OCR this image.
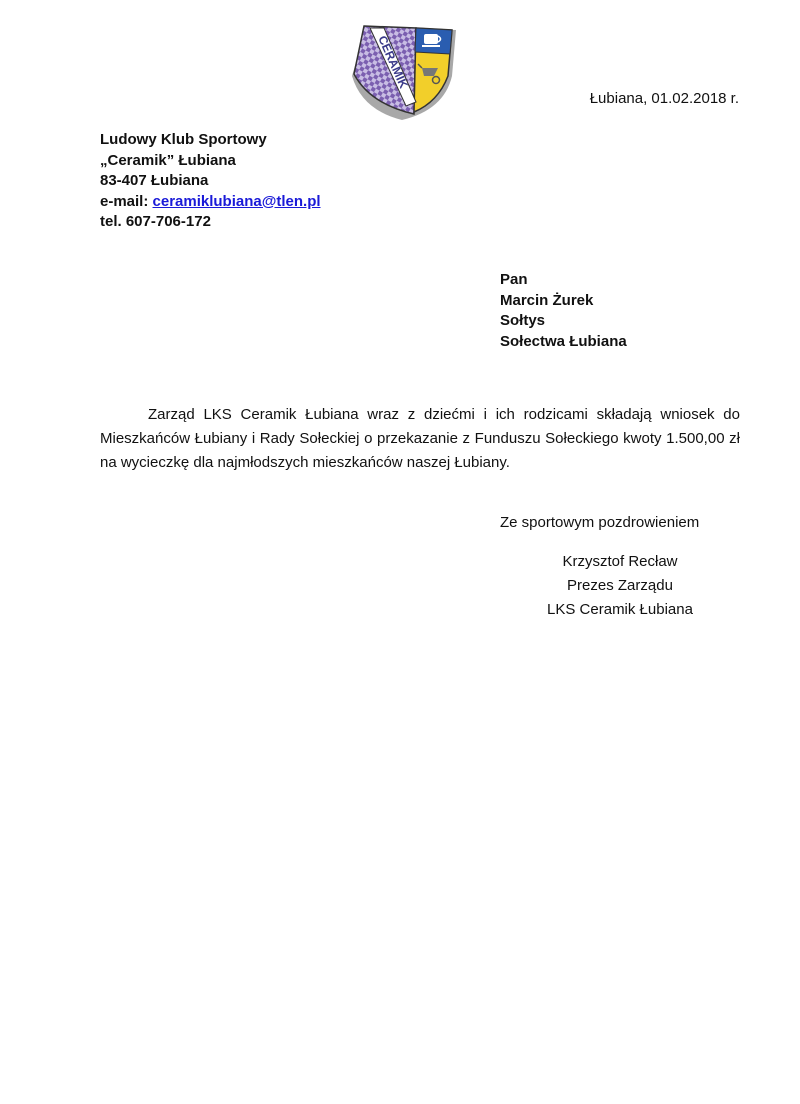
CERAMIK
Łubiana, 01.02.2018 r.
Ludowy Klub Sportowy
„Ceramik” Łubiana
83-407 Łubiana
e-mail: ceramiklubiana@tlen.pl
tel. 607-706-172
Pan
Marcin Żurek
Sołtys
Sołectwa Łubiana

Zarząd LKS Ceramik Łubiana wraz z dziećmi i ich rodzicami składają wniosek do Mieszkańców Łubiany i Rady Sołeckiej o przekazanie z Funduszu Sołeckiego kwoty 1.500,00 zł na wycieczkę dla najmłodszych mieszkańców naszej Łubiany.

Ze sportowym pozdrowieniem
Krzysztof Recław
Prezes Zarządu
LKS Ceramik Łubiana
